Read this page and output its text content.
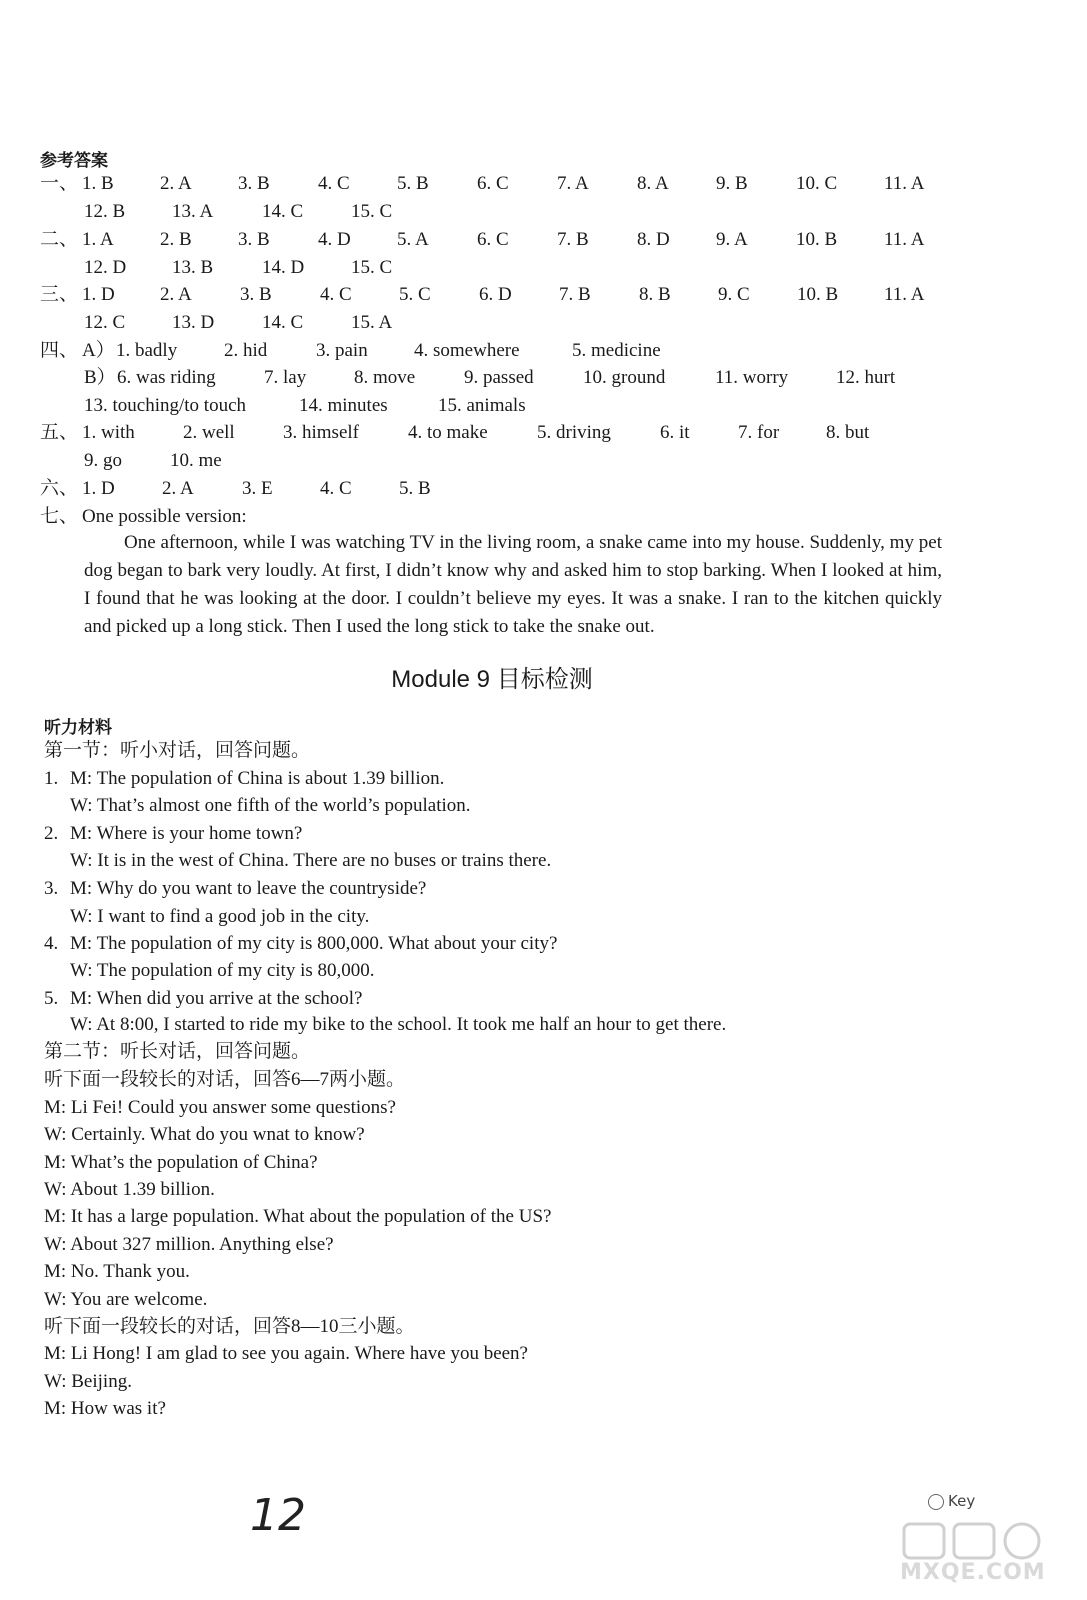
参考答案
一、 1. B 2. A 3. B	4. C 5. B	6. C	7. A	8. A 9. B	10. C 11. A
12. B 13. A	14. C	15. C
二、 1. A 2. B 3. B	4. D 5. A	6. C	7. B	8. D 9. A	10. B 11. A
12. D 13. B	14. D 15. C
三、 1. D 2. A	3. B	4. C 5. C	6. D 7. B	8. B 9. C 10. B 11. A
12. C 13. D	14. C	15. A
四、 A） 1. badly 2. hid	3. pain 4. somewhere	5. medicine
B） 6. was riding	7. lay	8. move	9. passed	10. ground	11. worry	12. hurt
13. touching/to touch	14. minutes	15. animals
五、 1. with	2. well	3. himself	4. to make	5. driving	6. it	7. for 8. but
9. go	10. me
六、 1. D 2. A	3. E 4. C 5. B
七、 One possible version:

One afternoon, while I was watching TV in the living room, a snake came into my house. Suddenly, my pet dog began to bark very loudly. At first, I didn’t know why and asked him to stop barking. When I looked at him, I found that he was looking at the door. I couldn’t believe my eyes. It was a snake. I ran to the kitchen quickly and picked up a long stick. Then I used the long stick to take the snake out.

Module 9 目标检测
听力材料
第一节：听小对话，回答问题。
1. M: The population of China is about 1.39 billion.
W: That’s almost one fifth of the world’s population.
2. M: Where is your home town?
W: It is in the west of China. There are no buses or trains there.
3. M: Why do you want to leave the countryside?
W: I want to find a good job in the city.
4. M: The population of my city is 800,000. What about your city?
W: The population of my city is 80,000.
5. M: When did you arrive at the school?
W: At 8:00, I started to ride my bike to the school. It took me half an hour to get there.
第二节：听长对话，回答问题。
听下面一段较长的对话，回答6—7两小题。
M: Li Fei! Could you answer some questions?
W: Certainly. What do you wnat to know?
M: What’s the population of China?
W: About 1.39 billion.
M: It has a large population. What about the population of the US?
W: About 327 million. Anything else?
M: No. Thank you.
W: You are welcome.
听下面一段较长的对话，回答8—10三小题。
M: Li Hong! I am glad to see you again. Where have you been?
W: Beijing.
M: How was it?
12	Key
MXQE.COM
